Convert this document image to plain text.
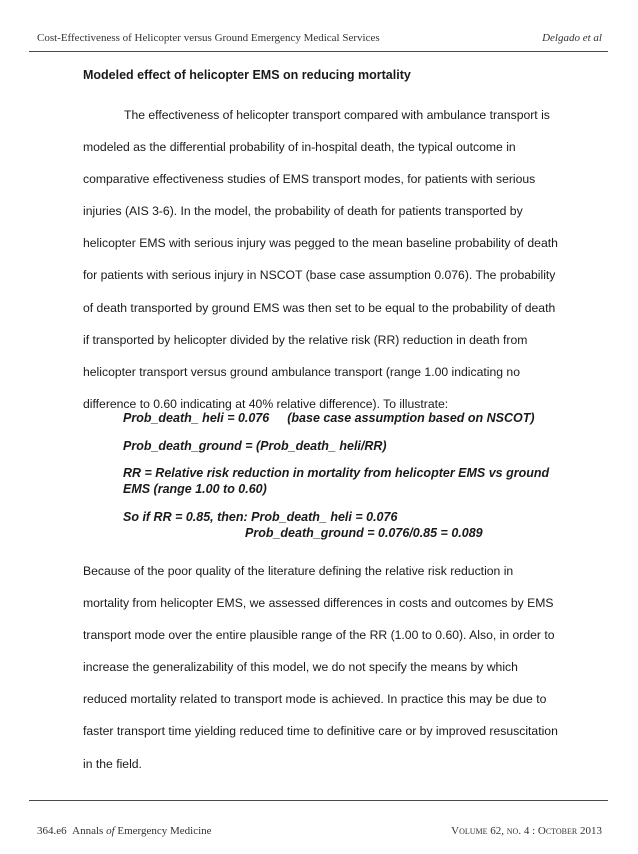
Cost-Effectiveness of Helicopter versus Ground Emergency Medical Services	Delgado et al
Modeled effect of helicopter EMS on reducing mortality
The effectiveness of helicopter transport compared with ambulance transport is
modeled as the differential probability of in-hospital death, the typical outcome in
comparative effectiveness studies of EMS transport modes, for patients with serious
injuries (AIS 3-6). In the model, the probability of death for patients transported by
helicopter EMS with serious injury was pegged to the mean baseline probability of death
for patients with serious injury in NSCOT (base case assumption 0.076). The probability
of death transported by ground EMS was then set to be equal to the probability of death
if transported by helicopter divided by the relative risk (RR) reduction in death from
helicopter transport versus ground ambulance transport (range 1.00 indicating no
difference to 0.60 indicating at 40% relative difference). To illustrate:
Prob_death_ heli = 0.076 (base case assumption based on NSCOT)
Prob_death_ground = (Prob_death_ heli/RR)
RR = Relative risk reduction in mortality from helicopter EMS vs ground
EMS (range 1.00 to 0.60)
So if RR = 0.85, then: Prob_death_ heli = 0.076
Prob_death_ground = 0.076/0.85 = 0.089
Because of the poor quality of the literature defining the relative risk reduction in
mortality from helicopter EMS, we assessed differences in costs and outcomes by EMS
transport mode over the entire plausible range of the RR (1.00 to 0.60). Also, in order to
increase the generalizability of this model, we do not specify the means by which
reduced mortality related to transport mode is achieved. In practice this may be due to
faster transport time yielding reduced time to definitive care or by improved resuscitation
in the field.
364.e6 Annals of Emergency Medicine	Volume 62, no. 4 : October 2013
